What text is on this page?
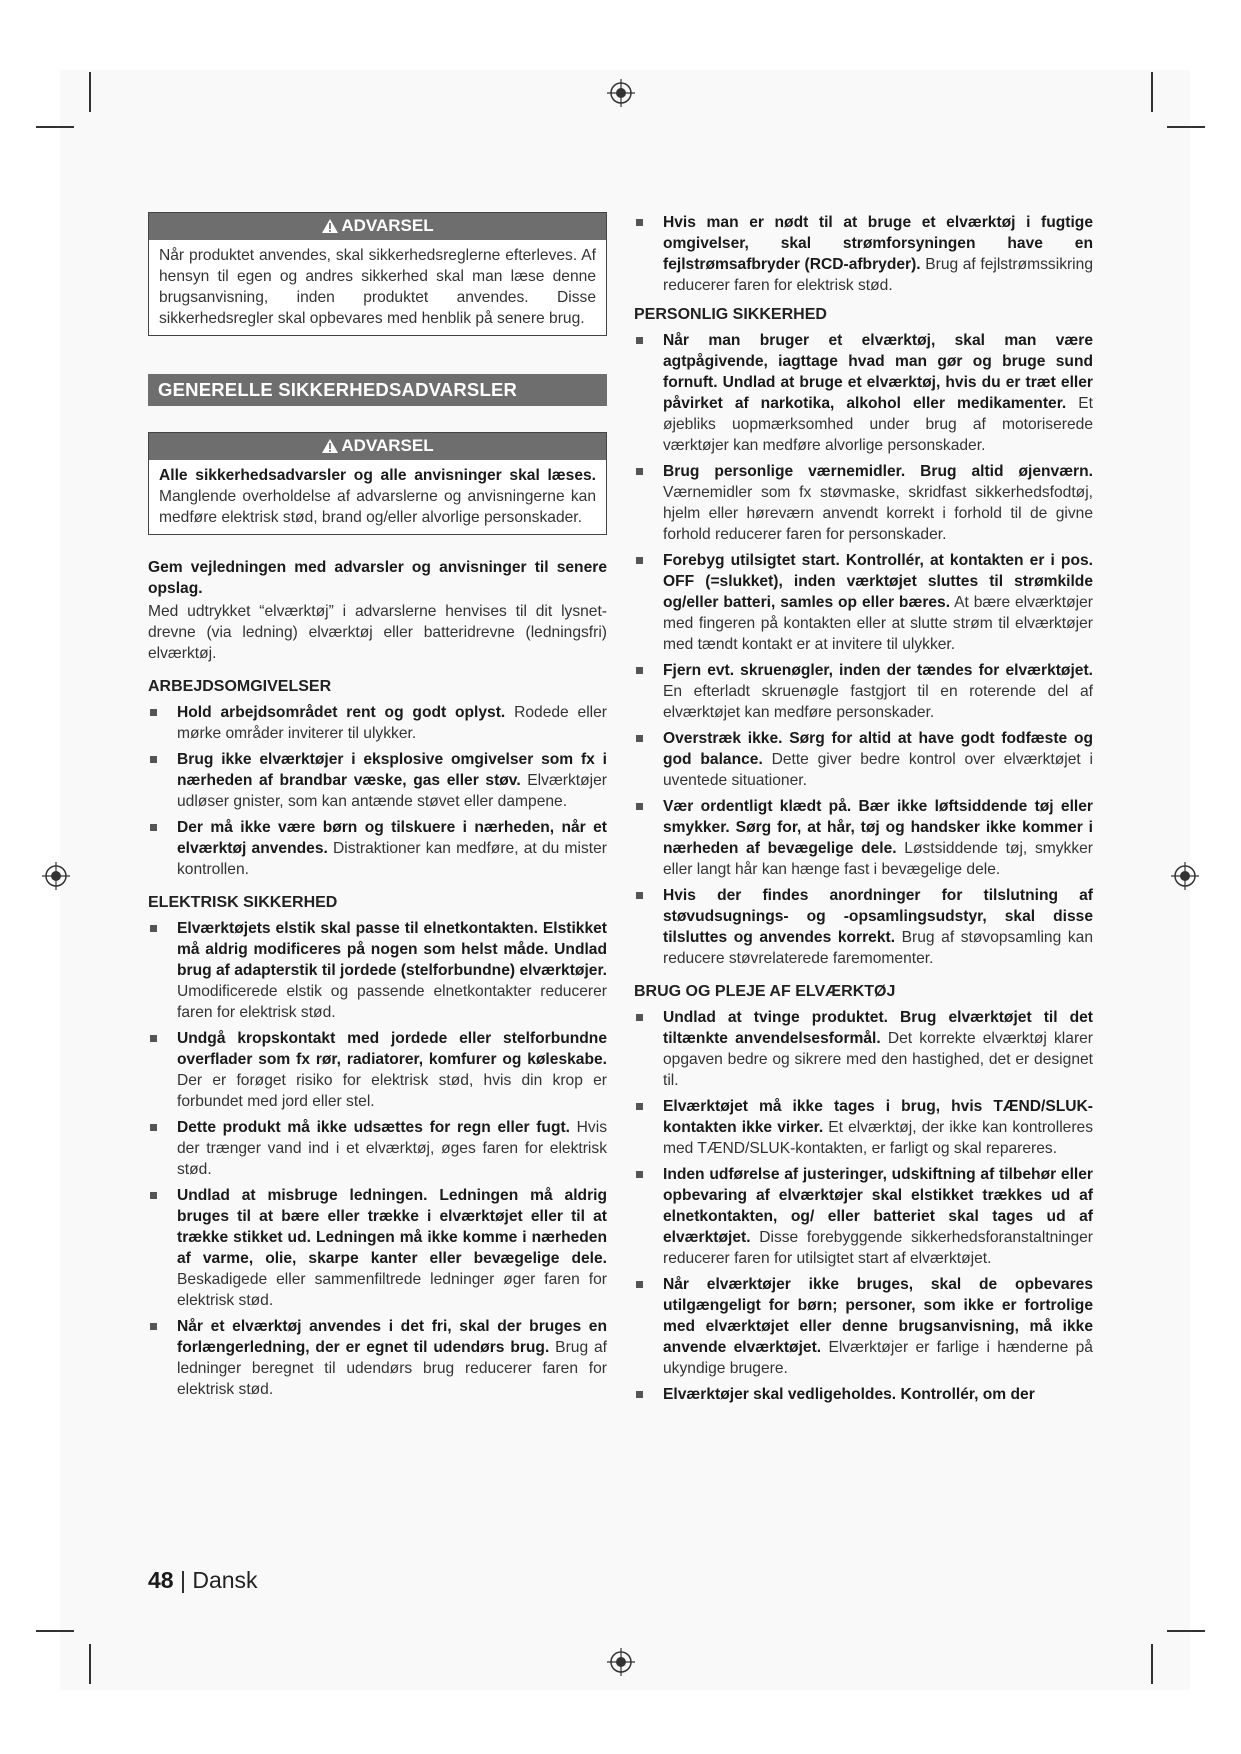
ADVARSEL
Når produktet anvendes, skal sikkerhedsreglerne efterleves. Af hensyn til egen og andres sikkerhed skal man læse denne brugsanvisning, inden produktet anvendes. Disse sikkerhedsregler skal opbevares med henblik på senere brug.
GENERELLE SIKKERHEDSADVARSLER
ADVARSEL
Alle sikkerhedsadvarsler og alle anvisninger skal læses. Manglende overholdelse af advarslerne og anvisningerne kan medføre elektrisk stød, brand og/eller alvorlige personskader.

Gem vejledningen med advarsler og anvisninger til senere opslag.

Med udtrykket “elværktøj” i advarslerne henvises til dit lysnet-drevne (via ledning) elværktøj eller batteridrevne (ledningsfri) elværktøj.

ARBEJDSOMGIVELSER
Hold arbejdsområdet rent og godt oplyst. Rodede eller mørke områder inviterer til ulykker.
Brug ikke elværktøjer i eksplosive omgivelser som fx i nærheden af brandbar væske, gas eller støv. Elværktøjer udløser gnister, som kan antænde støvet eller dampene.
Der må ikke være børn og tilskuere i nærheden, når et elværktøj anvendes. Distraktioner kan medføre, at du mister kontrollen.
ELEKTRISK SIKKERHED
Elværktøjets elstik skal passe til elnetkontakten. Elstikket må aldrig modificeres på nogen som helst måde. Undlad brug af adapterstik til jordede (stelforbundne) elværktøjer. Umodificerede elstik og passende elnetkontakter reducerer faren for elektrisk stød.
Undgå kropskontakt med jordede eller stelforbundne overflader som fx rør, radiatorer, komfurer og køleskabe. Der er forøget risiko for elektrisk stød, hvis din krop er forbundet med jord eller stel.
Dette produkt må ikke udsættes for regn eller fugt. Hvis der trænger vand ind i et elværktøj, øges faren for elektrisk stød.
Undlad at misbruge ledningen. Ledningen må aldrig bruges til at bære eller trække i elværktøjet eller til at trække stikket ud. Ledningen må ikke komme i nærheden af varme, olie, skarpe kanter eller bevægelige dele. Beskadigede eller sammenfiltrede ledninger øger faren for elektrisk stød.
Når et elværktøj anvendes i det fri, skal der bruges en forlængerledning, der er egnet til udendørs brug. Brug af ledninger beregnet til udendørs brug reducerer faren for elektrisk stød.
Hvis man er nødt til at bruge et elværktøj i fugtige omgivelser, skal strømforsyningen have en fejlstrømsafbryder (RCD-afbryder). Brug af fejlstrømssikring reducerer faren for elektrisk stød.
PERSONLIG SIKKERHED
Når man bruger et elværktøj, skal man være agtpågivende, iagttage hvad man gør og bruge sund fornuft. Undlad at bruge et elværktøj, hvis du er træt eller påvirket af narkotika, alkohol eller medikamenter. Et øjebliks uopmærksomhed under brug af motoriserede værktøjer kan medføre alvorlige personskader.
Brug personlige værnemidler. Brug altid øjenværn. Værnemidler som fx støvmaske, skridfast sikkerhedsfodtøj, hjelm eller høreværn anvendt korrekt i forhold til de givne forhold reducerer faren for personskader.
Forebyg utilsigtet start. Kontrollér, at kontakten er i pos. OFF (=slukket), inden værktøjet sluttes til strømkilde og/eller batteri, samles op eller bæres. At bære elværktøjer med fingeren på kontakten eller at slutte strøm til elværktøjer med tændt kontakt er at invitere til ulykker.
Fjern evt. skruenøgler, inden der tændes for elværktøjet. En efterladt skruenøgle fastgjort til en roterende del af elværktøjet kan medføre personskader.
Overstræk ikke. Sørg for altid at have godt fodfæste og god balance. Dette giver bedre kontrol over elværktøjet i uventede situationer.
Vær ordentligt klædt på. Bær ikke løftsiddende tøj eller smykker. Sørg for, at hår, tøj og handsker ikke kommer i nærheden af bevægelige dele. Løstsiddende tøj, smykker eller langt hår kan hænge fast i bevægelige dele.
Hvis der findes anordninger for tilslutning af støvudsugnings- og -opsamlingsudstyr, skal disse tilsluttes og anvendes korrekt. Brug af støvopsamling kan reducere støvrelaterede faremomenter.
BRUG OG PLEJE AF ELVÆRKTØJ
Undlad at tvinge produktet. Brug elværktøjet til det tiltænkte anvendelsesformål. Det korrekte elværktøj klarer opgaven bedre og sikrere med den hastighed, det er designet til.
Elværktøjet må ikke tages i brug, hvis TÆND/SLUK-kontakten ikke virker. Et elværktøj, der ikke kan kontrolleres med TÆND/SLUK-kontakten, er farligt og skal repareres.
Inden udførelse af justeringer, udskiftning af tilbehør eller opbevaring af elværktøjer skal elstikket trækkes ud af elnetkontakten, og/ eller batteriet skal tages ud af elværktøjet. Disse forebyggende sikkerhedsforanstaltninger reducerer faren for utilsigtet start af elværktøjet.
Når elværktøjer ikke bruges, skal de opbevares utilgængeligt for børn; personer, som ikke er fortrolige med elværktøjet eller denne brugsanvisning, må ikke anvende elværktøjet. Elværktøjer er farlige i hænderne på ukyndige brugere.
Elværktøjer skal vedligeholdes. Kontrollér, om der
48 | Dansk
